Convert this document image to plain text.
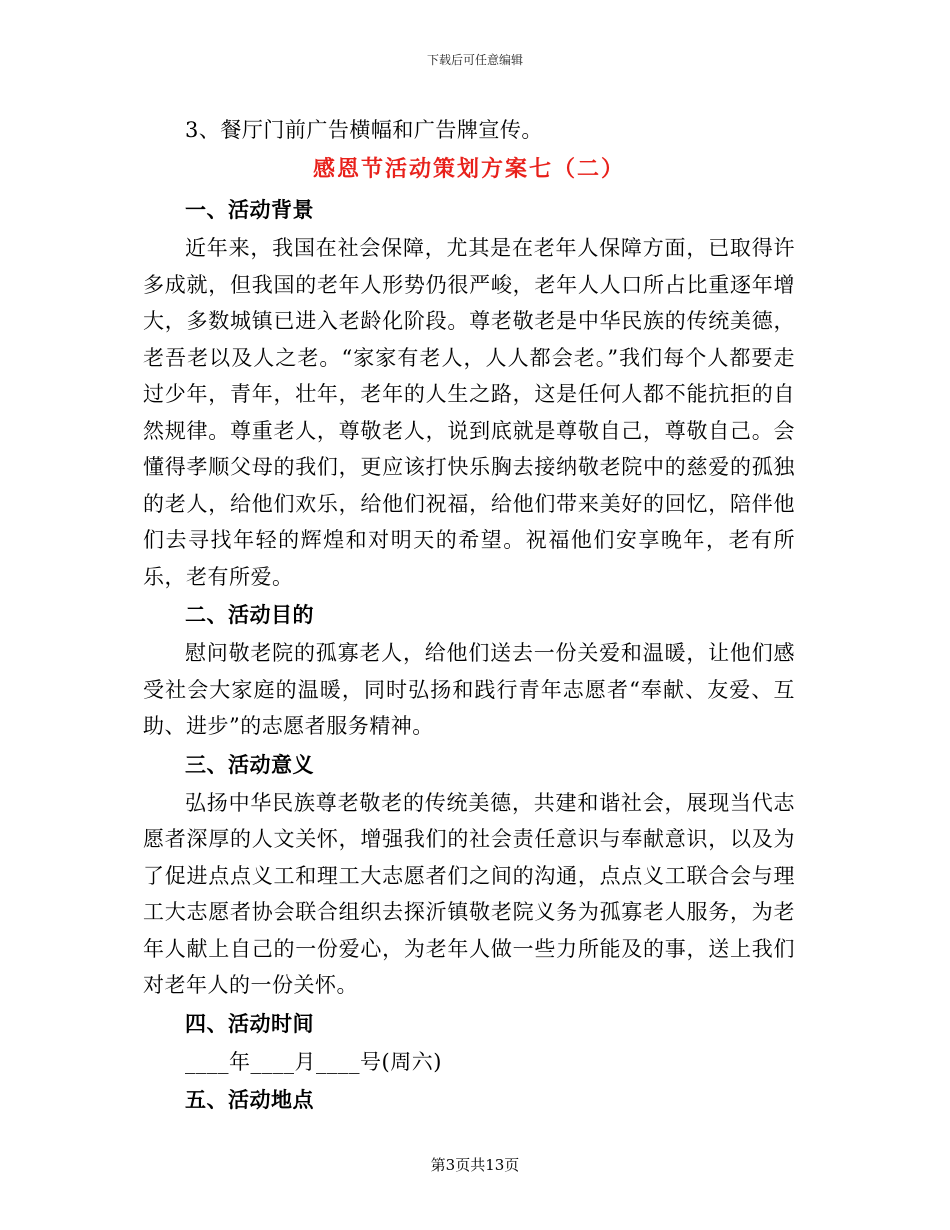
下载后可任意编辑
3、餐厅门前广告横幅和广告牌宣传。
感恩节活动策划方案七（二）
一、活动背景

近年来，我国在社会保障，尤其是在老年人保障方面，已取得许多成就，但我国的老年人形势仍很严峻，老年人人口所占比重逐年增大，多数城镇已进入老龄化阶段。尊老敬老是中华民族的传统美德，老吾老以及人之老。“家家有老人，人人都会老。”我们每个人都要走过少年，青年，壮年，老年的人生之路，这是任何人都不能抗拒的自然规律。尊重老人，尊敬老人，说到底就是尊敬自己，尊敬自己。会懂得孝顺父母的我们，更应该打快乐胸去接纳敬老院中的慈爱的孤独的老人，给他们欢乐，给他们祝福，给他们带来美好的回忆，陪伴他们去寻找年轻的辉煌和对明天的希望。祝福他们安享晚年，老有所乐，老有所爱。

二、活动目的

慰问敬老院的孤寡老人，给他们送去一份关爱和温暖，让他们感受社会大家庭的温暖，同时弘扬和践行青年志愿者“奉献、友爱、互助、进步”的志愿者服务精神。

三、活动意义

弘扬中华民族尊老敬老的传统美德，共建和谐社会，展现当代志愿者深厚的人文关怀，增强我们的社会责任意识与奉献意识，以及为了促进点点义工和理工大志愿者们之间的沟通，点点义工联合会与理工大志愿者协会联合组织去探沂镇敬老院义务为孤寡老人服务，为老年人献上自己的一份爱心，为老年人做一些力所能及的事，送上我们对老年人的一份关怀。

四、活动时间
____年____月____号(周六)
五、活动地点
第3页共13页
